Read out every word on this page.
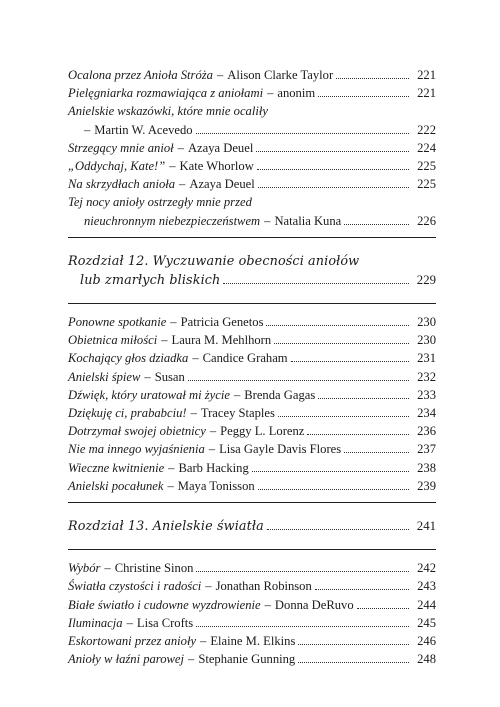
Ocalona przez Anioła Stróża – Alison Clarke Taylor	221
Pielęgniarka rozmawiająca z aniołami – anonim	221
Anielskie wskazówki, które mnie ocaliły
– Martin W. Acevedo	222
Strzegący mnie anioł – Azaya Deuel	224
„Oddychaj, Kate!” – Kate Whorlow	225
Na skrzydłach anioła – Azaya Deuel	225
Tej nocy anioły ostrzegły mnie przed
nieuchronnym niebezpieczeństwem – Natalia Kuna	226
Rozdział 12. Wyczuwanie obecności aniołów
lub zmarłych bliskich	229
Ponowne spotkanie – Patricia Genetos	230
Obietnica miłości – Laura M. Mehlhorn	230
Kochający głos dziadka – Candice Graham	231
Anielski śpiew – Susan	232
Dźwięk, który uratował mi życie – Brenda Gagas	233
Dziękuję ci, prababciu! – Tracey Staples	234
Dotrzymał swojej obietnicy – Peggy L. Lorenz	236
Nie ma innego wyjaśnienia – Lisa Gayle Davis Flores	237
Wieczne kwitnienie – Barb Hacking	238
Anielski pocałunek – Maya Tonisson	239
Rozdział 13. Anielskie światła	241
Wybór – Christine Sinon	242
Światła czystości i radości – Jonathan Robinson	243
Białe światło i cudowne wyzdrowienie – Donna DeRuvo	244
Iluminacja – Lisa Crofts	245
Eskortowani przez anioły – Elaine M. Elkins	246
Anioły w łaźni parowej – Stephanie Gunning	248
